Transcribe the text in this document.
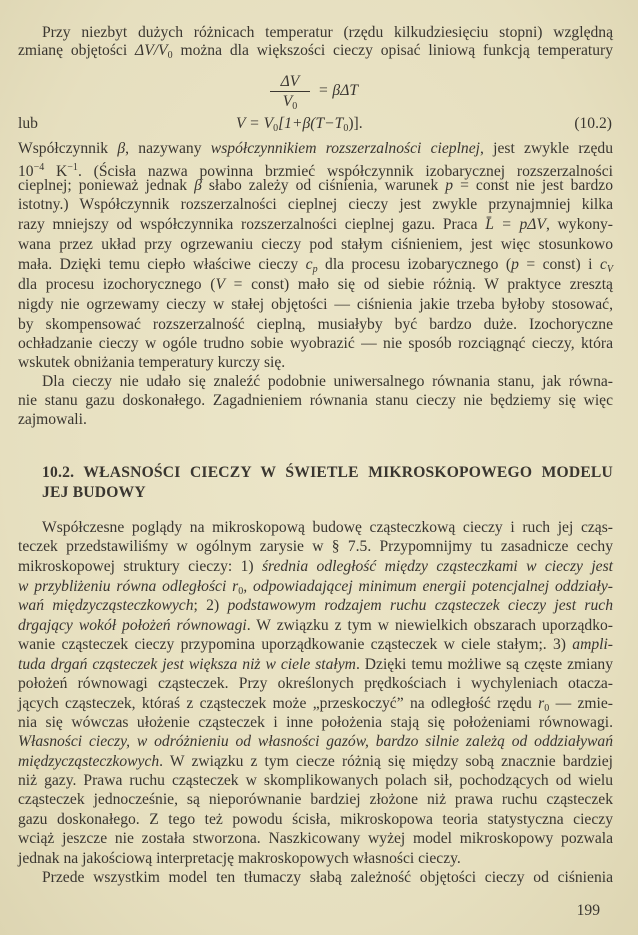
$\frac{\Delta V}{V_0} = \beta\Delta T$
lub	$V = V_0[1+\beta(T-T_0)]$.	(10.2)
10.2. WŁASNOŚCI CIECZY W ŚWIETLE MIKROSKOPOWEGO MODELU
JEJ BUDOWY
199
Przy niezbyt dużych różnicach temperatur (rzędu kilkudziesięciu stopni) względną
zmianę objętości $\Delta V/V_0$ można dla większości cieczy opisać liniową funkcją temperatury
Współczynnik β, nazywany współczynnikiem rozszerzalności cieplnej, jest zwykle rzędu
$10^{-4}$ $K^{-1}$. (Ścisła nazwa powinna brzmieć współczynnik izobarycznej rozszerzalności
cieplnej; ponieważ jednak β słabo zależy od ciśnienia, warunek p = const nie jest bardzo
istotny.) Współczynnik rozszerzalności cieplnej cieczy jest zwykle przynajmniej kilka
razy mniejszy od współczynnika rozszerzalności cieplnej gazu. Praca L̄ = pΔV, wykony-
wana przez układ przy ogrzewaniu cieczy pod stałym ciśnieniem, jest więc stosunkowo
mała. Dzięki temu ciepło właściwe cieczy cp dla procesu izobarycznego (p = const) i cV
dla procesu izochorycznego (V = const) mało się od siebie różnią. W praktyce zresztą
nigdy nie ogrzewamy cieczy w stałej objętości — ciśnienia jakie trzeba byłoby stosować,
by skompensować rozszerzalność cieplną, musiałyby być bardzo duże. Izochoryczne
ochładzanie cieczy w ogóle trudno sobie wyobrazić — nie sposób rozciągnąć cieczy, która
wskutek obniżania temperatury kurczy się.
Dla cieczy nie udało się znaleźć podobnie uniwersalnego równania stanu, jak równa-
nie stanu gazu doskonałego. Zagadnieniem równania stanu cieczy nie będziemy się więc
zajmowali.
Współczesne poglądy na mikroskopową budowę cząsteczkową cieczy i ruch jej cząs-
teczek przedstawiliśmy w ogólnym zarysie w § 7.5. Przypomnijmy tu zasadnicze cechy
mikroskopowej struktury cieczy: 1) średnia odległość między cząsteczkami w cieczy jest
w przybliżeniu równa odległości $r_0$, odpowiadającej minimum energii potencjalnej oddziały-
wań międzycząsteczkowych; 2) podstawowym rodzajem ruchu cząsteczek cieczy jest ruch
drgający wokół położeń równowagi. W związku z tym w niewielkich obszarach uporządko-
wanie cząsteczek cieczy przypomina uporządkowanie cząsteczek w ciele stałym;. 3) ampli-
tuda drgań cząsteczek jest większa niż w ciele stałym. Dzięki temu możliwe są częste zmiany
położeń równowagi cząsteczek. Przy określonych prędkościach i wychyleniach otacza-
jących cząsteczek, któraś z cząsteczek może „przeskoczyć” na odległość rzędu $r_0$ — zmie-
nia się wówczas ułożenie cząsteczek i inne położenia stają się położeniami równowagi.
Własności cieczy, w odróżnieniu od własności gazów, bardzo silnie zależą od oddziaływań
międzycząsteczkowych. W związku z tym ciecze różnią się między sobą znacznie bardziej
niż gazy. Prawa ruchu cząsteczek w skomplikowanych polach sił, pochodzących od wielu
cząsteczek jednocześnie, są nieporównanie bardziej złożone niż prawa ruchu cząsteczek
gazu doskonałego. Z tego też powodu ścisła, mikroskopowa teoria statystyczna cieczy
wciąż jeszcze nie została stworzona. Naszkicowany wyżej model mikroskopowy pozwala
jednak na jakościową interpretację makroskopowych własności cieczy.
Przede wszystkim model ten tłumaczy słabą zależność objętości cieczy od ciśnienia
